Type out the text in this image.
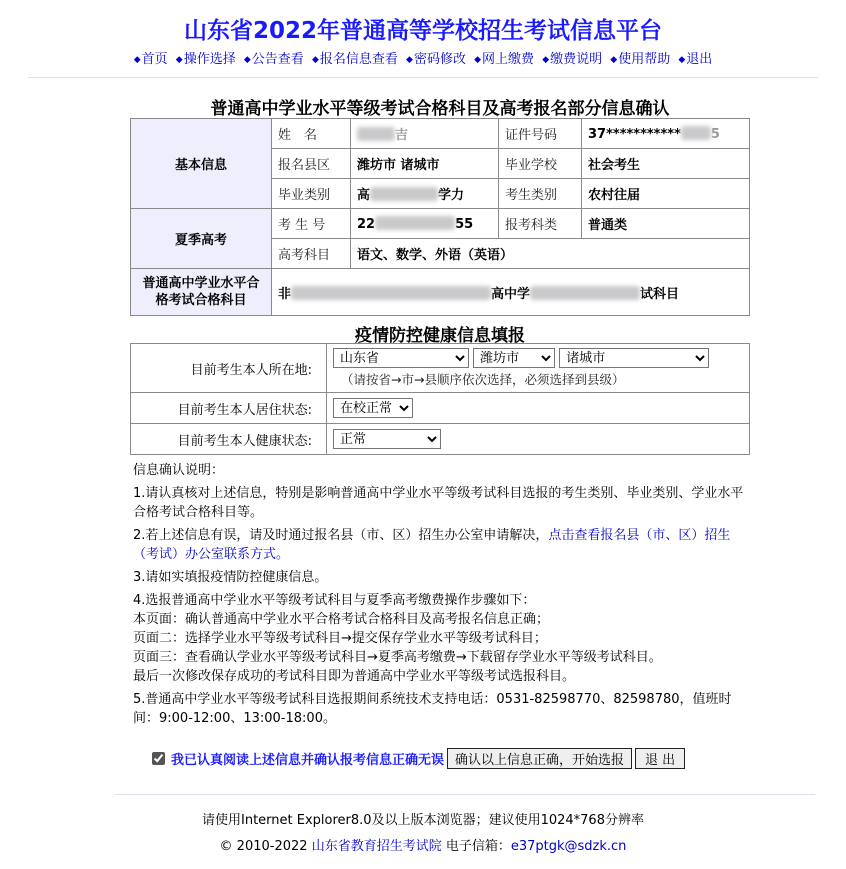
山东省2022年普通高等学校招生考试信息平台
◆首页 ◆操作选择 ◆公告查看 ◆报名信息查看 ◆密码修改 ◆网上缴费 ◆缴费说明 ◆使用帮助 ◆退出
普通高中学业水平等级考试合格科目及高考报名部分信息确认
基本信息	姓　名	吉	证件号码	37*********** 5
	报名县区	潍坊市 诸城市	毕业学校	社会考生
	毕业类别	高 学力	考生类别	农村往届
夏季高考	考 生 号	22 55	报考科类	普通类
	高考科目	语文、数学、外语（英语）		
普通高中学业水平合格考试合格科目	非 高中学 试科目			
疫情防控健康信息填报
目前考生本人所在地:	
山东省
潍坊市
诸城市
（请按省→市→县顺序依次选择，必须选择到县级）

目前考生本人居住状态:	
在校正常
目前考生本人健康状态:	
正常

信息确认说明：

1.请认真核对上述信息，特别是影响普通高中学业水平等级考试科目选报的考生类别、毕业类别、学业水平合格考试合格科目等。

2.若上述信息有误，请及时通过报名县（市、区）招生办公室申请解决，点击查看报名县（市、区）招生（考试）办公室联系方式。

3.请如实填报疫情防控健康信息。

4.选报普通高中学业水平等级考试科目与夏季高考缴费操作步骤如下：
本页面：确认普通高中学业水平合格考试合格科目及高考报名信息正确；
页面二：选择学业水平等级考试科目→提交保存学业水平等级考试科目；
页面三：查看确认学业水平等级考试科目→夏季高考缴费→下载留存学业水平等级考试科目。
最后一次修改保存成功的考试科目即为普通高中学业水平等级考试选报科目。

5.普通高中学业水平等级考试科目选报期间系统技术支持电话：0531-82598770、82598780，值班时间：9:00-12:00、13:00-18:00。

我已认真阅读上述信息并确认报考信息正确无误 确认以上信息正确，开始选报	退 出
请使用Internet Explorer8.0及以上版本浏览器；建议使用1024*768分辨率
© 2010-2022 山东省教育招生考试院 电子信箱：e37ptgk@sdzk.cn
